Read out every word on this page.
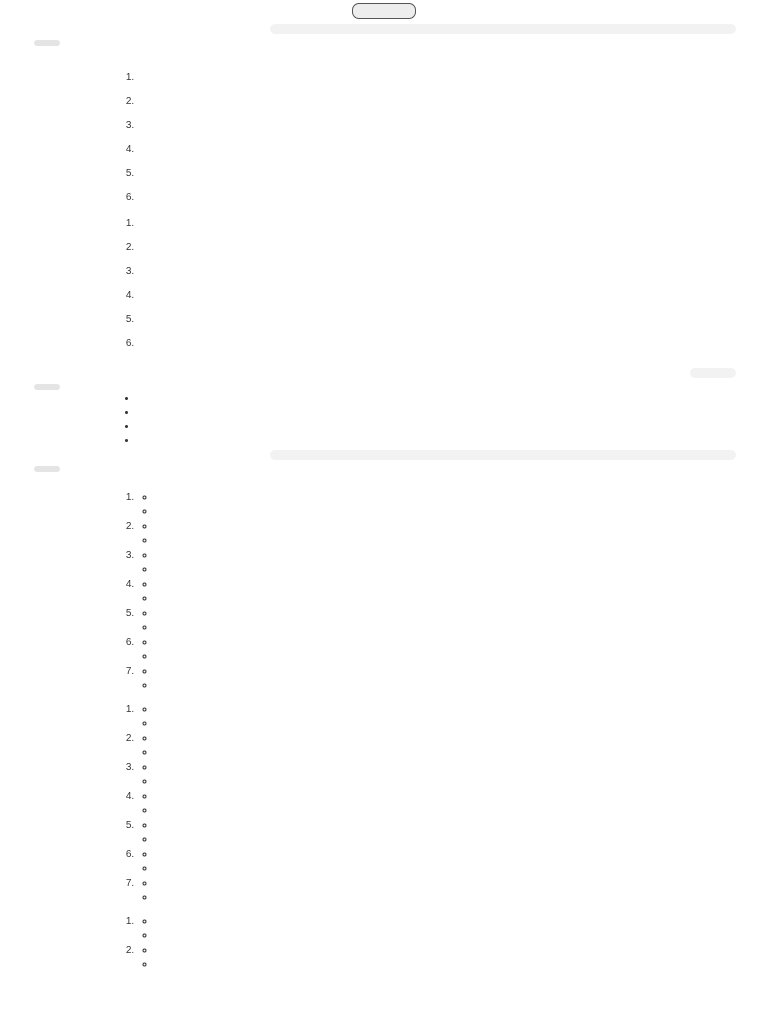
1.
2.
3.
4.
5.
6.
1.
2.
3.
4.
5.
6.

•
•
•
•

1.
◦
◦
2.
◦
◦
3.
◦
◦
4.
◦
◦
5.
◦
◦
6.
◦
◦
7.
◦
◦
1.
◦
◦
2.
◦
◦
3.
◦
◦
4.
◦
◦
5.
◦
◦
6.
◦
◦
7.
◦
◦
1.
◦
◦
2.
◦
◦
